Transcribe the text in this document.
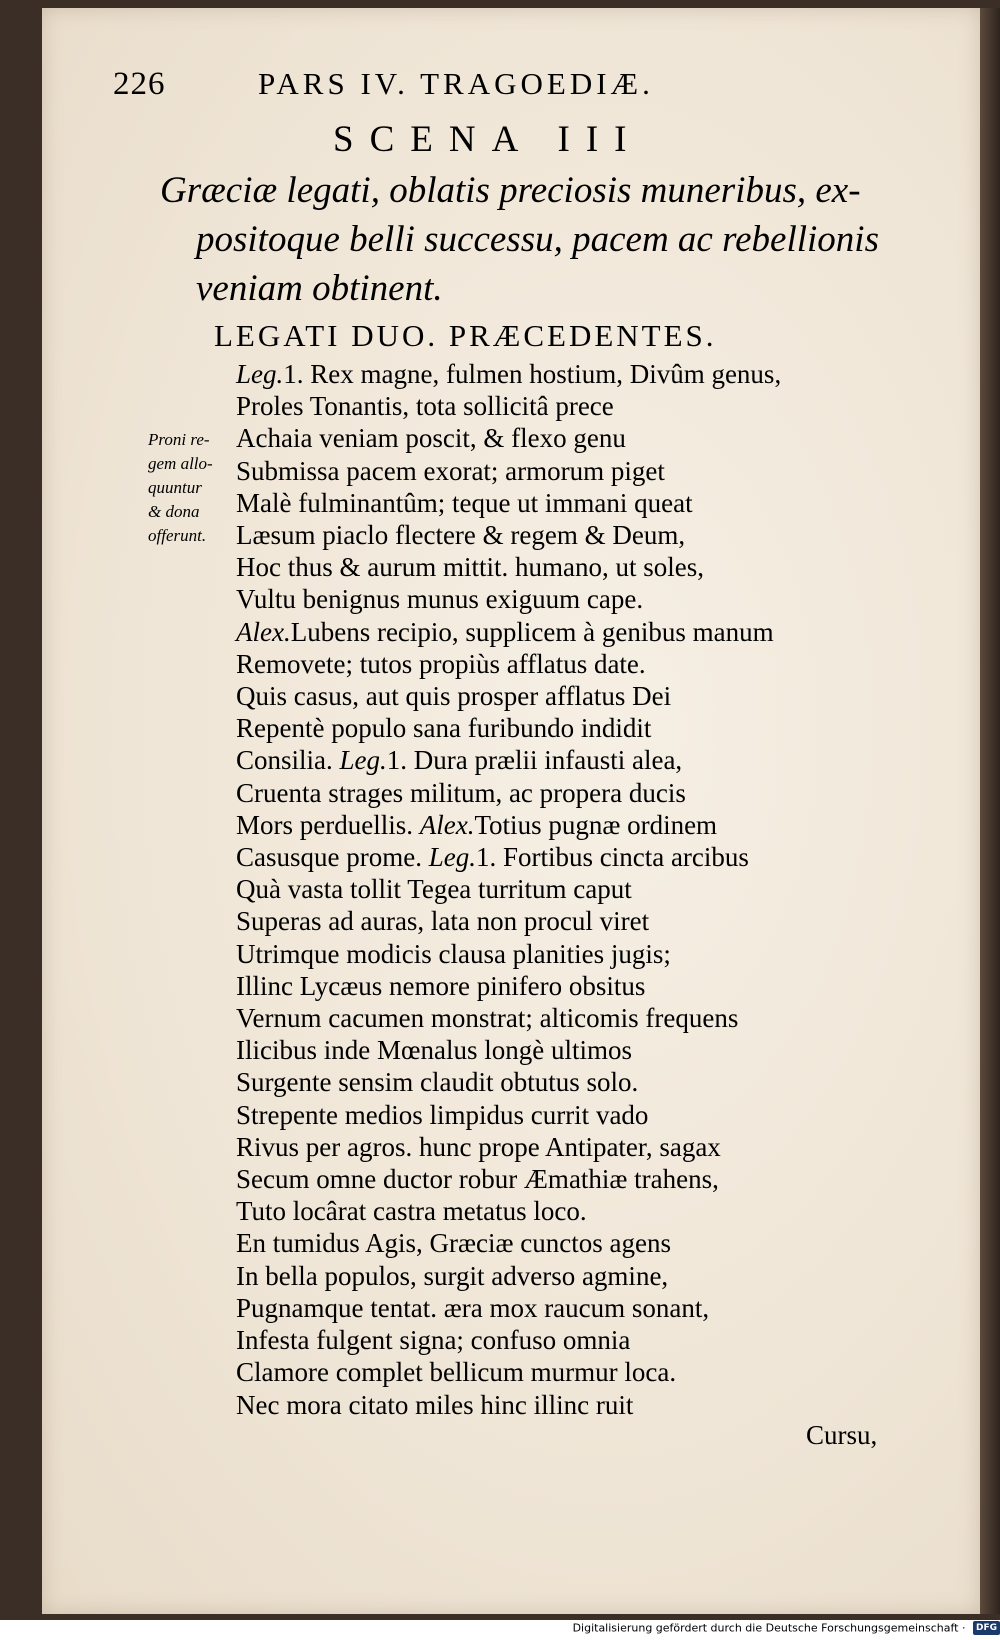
226	PARS IV. TRAGOEDIÆ.
SCENA III
Græciæ legati, oblatis preciosis muneribus, ex-
positoque belli successu, pacem ac rebellionis
veniam obtinent.
LEGATI DUO. PRÆCEDENTES.
Proni re-
gem allo-
quuntur
& dona
offerunt.
Leg.1. Rex magne, fulmen hostium, Divûm genus,
Proles Tonantis, tota sollicitâ prece
Achaia veniam poscit, & flexo genu
Submissa pacem exorat; armorum piget
Malè fulminantûm; teque ut immani queat
Læsum piaclo flectere & regem & Deum,
Hoc thus & aurum mittit. humano, ut soles,
Vultu benignus munus exiguum cape.
Alex.Lubens recipio, supplicem à genibus manum
Removete; tutos propiùs afflatus date.
Quis casus, aut quis prosper afflatus Dei
Repentè populo sana furibundo indidit
Consilia. Leg.1. Dura prælii infausti alea,
Cruenta strages militum, ac propera ducis
Mors perduellis. Alex.Totius pugnæ ordinem
Casusque prome. Leg.1. Fortibus cincta arcibus
Quà vasta tollit Tegea turritum caput
Superas ad auras, lata non procul viret
Utrimque modicis clausa planities jugis;
Illinc Lycæus nemore pinifero obsitus
Vernum cacumen monstrat; alticomis frequens
Ilicibus inde Mœnalus longè ultimos
Surgente sensim claudit obtutus solo.
Strepente medios limpidus currit vado
Rivus per agros. hunc prope Antipater, sagax
Secum omne ductor robur Æmathiæ trahens,
Tuto locârat castra metatus loco.
En tumidus Agis, Græciæ cunctos agens
In bella populos, surgit adverso agmine,
Pugnamque tentat. æra mox raucum sonant,
Infesta fulgent signa; confuso omnia
Clamore complet bellicum murmur loca.
Nec mora citato miles hinc illinc ruit
Cursu,
Digitalisierung gefördert durch die Deutsche Forschungsgemeinschaft · DFG
